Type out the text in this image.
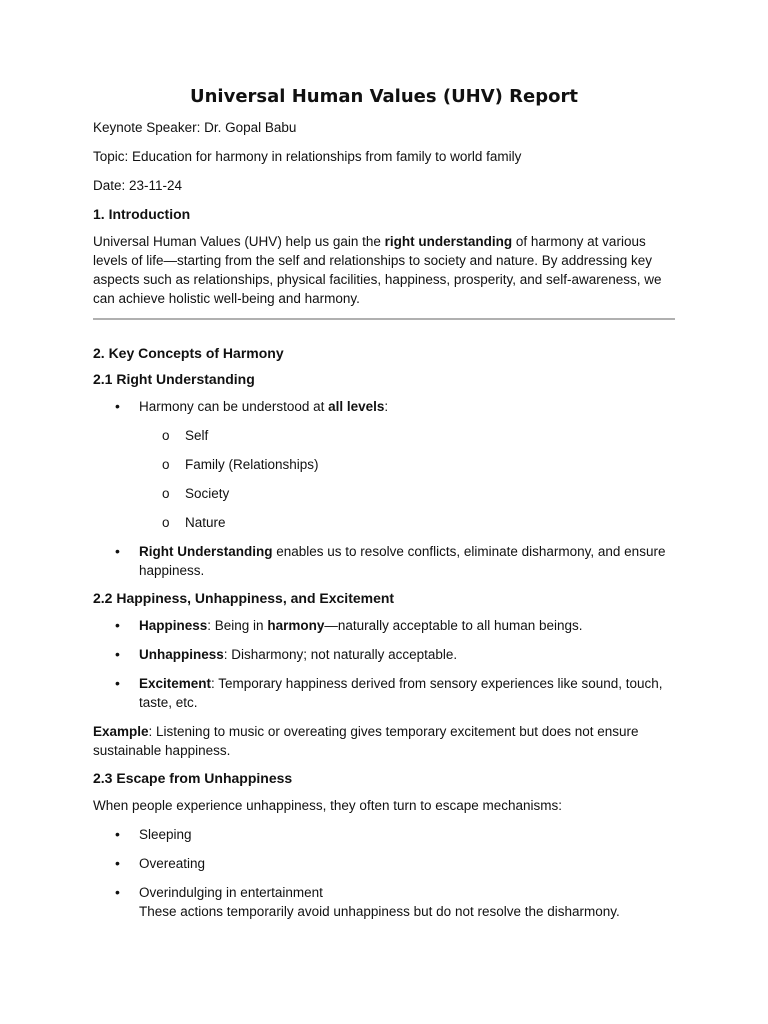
Universal Human Values (UHV) Report

Keynote Speaker: Dr. Gopal Babu

Topic: Education for harmony in relationships from family to world family

Date: 23-11-24

1. Introduction

Universal Human Values (UHV) help us gain the right understanding of harmony at various levels of life—starting from the self and relationships to society and nature. By addressing key aspects such as relationships, physical facilities, happiness, prosperity, and self-awareness, we can achieve holistic well-being and harmony.

2. Key Concepts of Harmony
2.1 Right Understanding
• Harmony can be understood at all levels:
o Self
o Family (Relationships)
o Society
o Nature
• Right Understanding enables us to resolve conflicts, eliminate disharmony, and ensure happiness.
2.2 Happiness, Unhappiness, and Excitement
• Happiness: Being in harmony—naturally acceptable to all human beings.
• Unhappiness: Disharmony; not naturally acceptable.
• Excitement: Temporary happiness derived from sensory experiences like sound, touch, taste, etc.

Example: Listening to music or overeating gives temporary excitement but does not ensure sustainable happiness.

2.3 Escape from Unhappiness

When people experience unhappiness, they often turn to escape mechanisms:

• Sleeping
• Overeating
• Overindulging in entertainment
These actions temporarily avoid unhappiness but do not resolve the disharmony.
